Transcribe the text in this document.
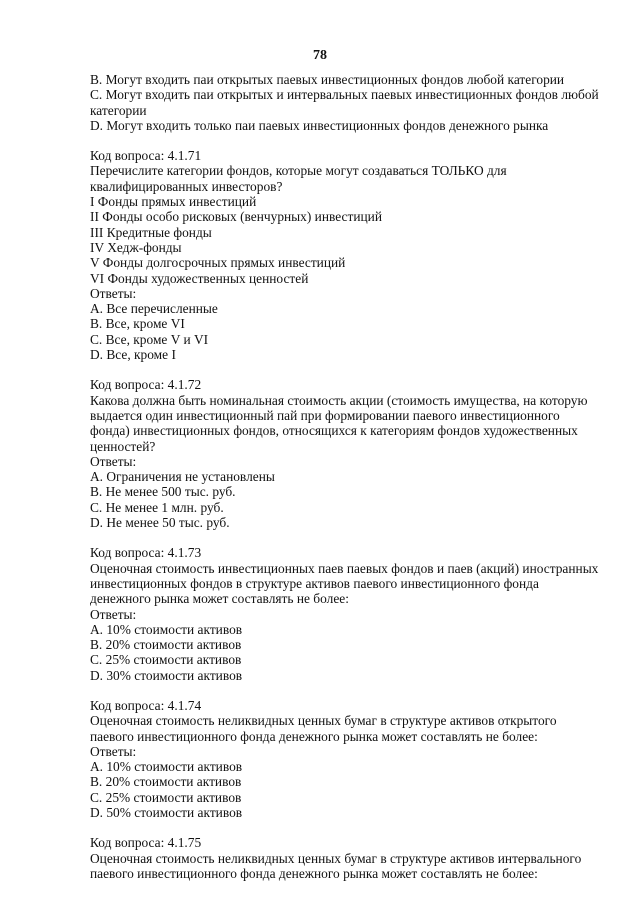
78

B. Могут входить паи открытых паевых инвестиционных фондов любой категории

C. Могут входить паи открытых и интервальных паевых инвестиционных фондов любой категории

D. Могут входить только паи паевых инвестиционных фондов денежного рынка

Код вопроса: 4.1.71

Перечислите категории фондов, которые могут создаваться ТОЛЬКО для квалифицированных инвесторов?

I Фонды прямых инвестиций

II Фонды особо рисковых (венчурных) инвестиций

III Кредитные фонды

IV Хедж-фонды

V Фонды долгосрочных прямых инвестиций

VI Фонды художественных ценностей

Ответы:

A. Все перечисленные

B. Все, кроме VI

C. Все, кроме V и VI

D. Все, кроме I

Код вопроса: 4.1.72

Какова должна быть номинальная стоимость акции (стоимость имущества, на которую выдается один инвестиционный пай при формировании паевого инвестиционного фонда) инвестиционных фондов, относящихся к категориям фондов художественных ценностей?

Ответы:

A. Ограничения не установлены

B. Не менее 500 тыс. руб.

C. Не менее 1 млн. руб.

D. Не менее 50 тыс. руб.

Код вопроса: 4.1.73

Оценочная стоимость инвестиционных паев паевых фондов и паев (акций) иностранных инвестиционных фондов в структуре активов паевого инвестиционного фонда денежного рынка может составлять не более:

Ответы:

A. 10% стоимости активов

B. 20% стоимости активов

C. 25% стоимости активов

D. 30% стоимости активов

Код вопроса: 4.1.74

Оценочная стоимость неликвидных ценных бумаг в структуре активов открытого паевого инвестиционного фонда денежного рынка может составлять не более:

Ответы:

A. 10% стоимости активов

B. 20% стоимости активов

C. 25% стоимости активов

D. 50% стоимости активов

Код вопроса: 4.1.75

Оценочная стоимость неликвидных ценных бумаг в структуре активов интервального паевого инвестиционного фонда денежного рынка может составлять не более:
